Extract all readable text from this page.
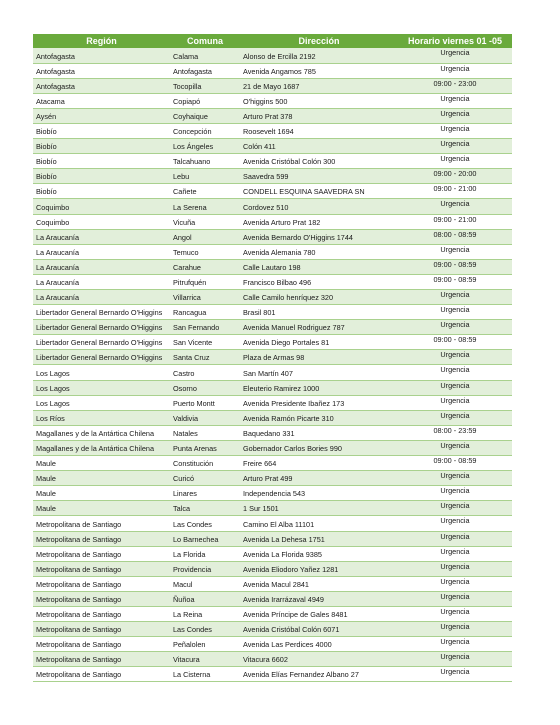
Región	Comuna	Dirección	Horario viernes 01 -05
Antofagasta	Calama	Alonso de Ercilla 2192	Urgencia
Antofagasta	Antofagasta	Avenida Angamos 785	Urgencia
Antofagasta	Tocopilla	21 de Mayo 1687	09:00 - 23:00
Atacama	Copiapó	O'higgins 500	Urgencia
Aysén	Coyhaique	Arturo Prat 378	Urgencia
Biobío	Concepción	Roosevelt 1694	Urgencia
Biobío	Los Ángeles	Colón 411	Urgencia
Biobío	Talcahuano	Avenida Cristóbal Colón 300	Urgencia
Biobío	Lebu	Saavedra 599	09:00 - 20:00
Biobío	Cañete	CONDELL ESQUINA SAAVEDRA SN	09:00 - 21:00
Coquimbo	La Serena	Cordovez 510	Urgencia
Coquimbo	Vicuña	Avenida Arturo Prat 182	09:00 - 21:00
La Araucanía	Angol	Avenida Bernardo O'Higgins 1744	08:00 - 08:59
La Araucanía	Temuco	Avenida Alemania 780	Urgencia
La Araucanía	Carahue	Calle Lautaro 198	09:00 - 08:59
La Araucanía	Pitrufquén	Francisco Bilbao 496	09:00 - 08:59
La Araucanía	Villarrica	Calle Camilo henríquez 320	Urgencia
Libertador General Bernardo O'Higgins	Rancagua	Brasil 801	Urgencia
Libertador General Bernardo O'Higgins	San Fernando	Avenida Manuel Rodriguez 787	Urgencia
Libertador General Bernardo O'Higgins	San Vicente	Avenida Diego Portales 81	09:00 - 08:59
Libertador General Bernardo O'Higgins	Santa Cruz	Plaza de Armas 98	Urgencia
Los Lagos	Castro	San Martín 407	Urgencia
Los Lagos	Osorno	Eleuterio Ramirez 1000	Urgencia
Los Lagos	Puerto Montt	Avenida Presidente Ibañez 173	Urgencia
Los Ríos	Valdivia	Avenida Ramón Picarte 310	Urgencia
Magallanes y de la Antártica Chilena	Natales	Baquedano 331	08:00 - 23:59
Magallanes y de la Antártica Chilena	Punta Arenas	Gobernador Carlos Bories 990	Urgencia
Maule	Constitución	Freire 664	09:00 - 08:59
Maule	Curicó	Arturo Prat 499	Urgencia
Maule	Linares	Independencia 543	Urgencia
Maule	Talca	1 Sur 1501	Urgencia
Metropolitana de Santiago	Las Condes	Camino El Alba 11101	Urgencia
Metropolitana de Santiago	Lo Barnechea	Avenida La Dehesa 1751	Urgencia
Metropolitana de Santiago	La Florida	Avenida La Florida 9385	Urgencia
Metropolitana de Santiago	Providencia	Avenida Eliodoro Yañez 1281	Urgencia
Metropolitana de Santiago	Macul	Avenida Macul 2841	Urgencia
Metropolitana de Santiago	Ñuñoa	Avenida Irarrázaval 4949	Urgencia
Metropolitana de Santiago	La Reina	Avenida Príncipe de Gales 8481	Urgencia
Metropolitana de Santiago	Las Condes	Avenida Cristóbal Colón 6071	Urgencia
Metropolitana de Santiago	Peñalolen	Avenida Las Perdices 4000	Urgencia
Metropolitana de Santiago	Vitacura	Vitacura 6602	Urgencia
Metropolitana de Santiago	La Cisterna	Avenida Elías Fernandez Albano 27	Urgencia
